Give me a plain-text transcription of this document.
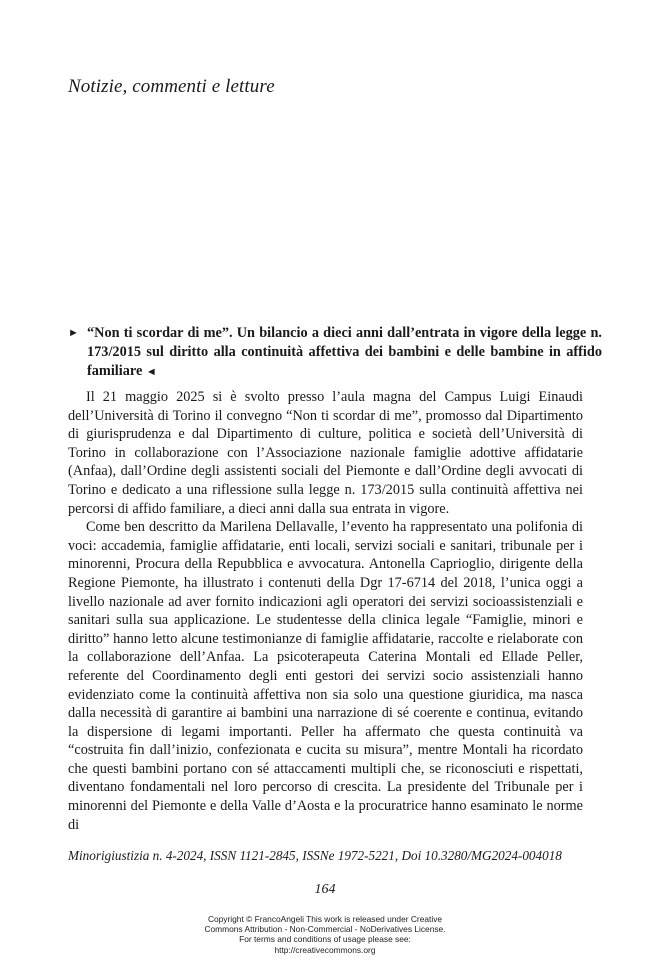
Notizie, commenti e letture
► “Non ti scordar di me”. Un bilancio a dieci anni dall’entrata in vigore della legge n. 173/2015 sul diritto alla continuità affettiva dei bambini e delle bambine in affido familiare ◄

Il 21 maggio 2025 si è svolto presso l’aula magna del Campus Luigi Einaudi dell’Università di Torino il convegno “Non ti scordar di me”, promosso dal Dipartimento di giurisprudenza e dal Dipartimento di culture, politica e società dell’Università di Torino in collaborazione con l’Associazione nazionale famiglie adottive affidatarie (Anfaa), dall’Ordine degli assistenti sociali del Piemonte e dall’Ordine degli avvocati di Torino e dedicato a una riflessione sulla legge n. 173/2015 sulla continuità affettiva nei percorsi di affido familiare, a dieci anni dalla sua entrata in vigore.

Come ben descritto da Marilena Dellavalle, l’evento ha rappresentato una polifonia di voci: accademia, famiglie affidatarie, enti locali, servizi sociali e sanitari, tribunale per i minorenni, Procura della Repubblica e avvocatura. Antonella Caprioglio, dirigente della Regione Piemonte, ha illustrato i contenuti della Dgr 17-6714 del 2018, l’unica oggi a livello nazionale ad aver fornito indicazioni agli operatori dei servizi socioassistenziali e sanitari sulla sua applicazione. Le studentesse della clinica legale “Famiglie, minori e diritto” hanno letto alcune testimonianze di famiglie affidatarie, raccolte e rielaborate con la collaborazione dell’Anfaa. La psicoterapeuta Caterina Montali ed Ellade Peller, referente del Coordinamento degli enti gestori dei servizi socio assistenziali hanno evidenziato come la continuità affettiva non sia solo una questione giuridica, ma nasca dalla necessità di garantire ai bambini una narrazione di sé coerente e continua, evitando la dispersione di legami importanti. Peller ha affermato che questa continuità va “costruita fin dall’inizio, confezionata e cucita su misura”, mentre Montali ha ricordato che questi bambini portano con sé attaccamenti multipli che, se riconosciuti e rispettati, diventano fondamentali nel loro percorso di crescita. La presidente del Tribunale per i minorenni del Piemonte e della Valle d’Aosta e la procuratrice hanno esaminato le norme di

Minorigiustizia n. 4-2024, ISSN 1121-2845, ISSNe 1972-5221, Doi 10.3280/MG2024-004018
164
Copyright © FrancoAngeli This work is released under Creative
Commons Attribution - Non-Commercial - NoDerivatives License.
For terms and conditions of usage please see:
http://creativecommons.org
